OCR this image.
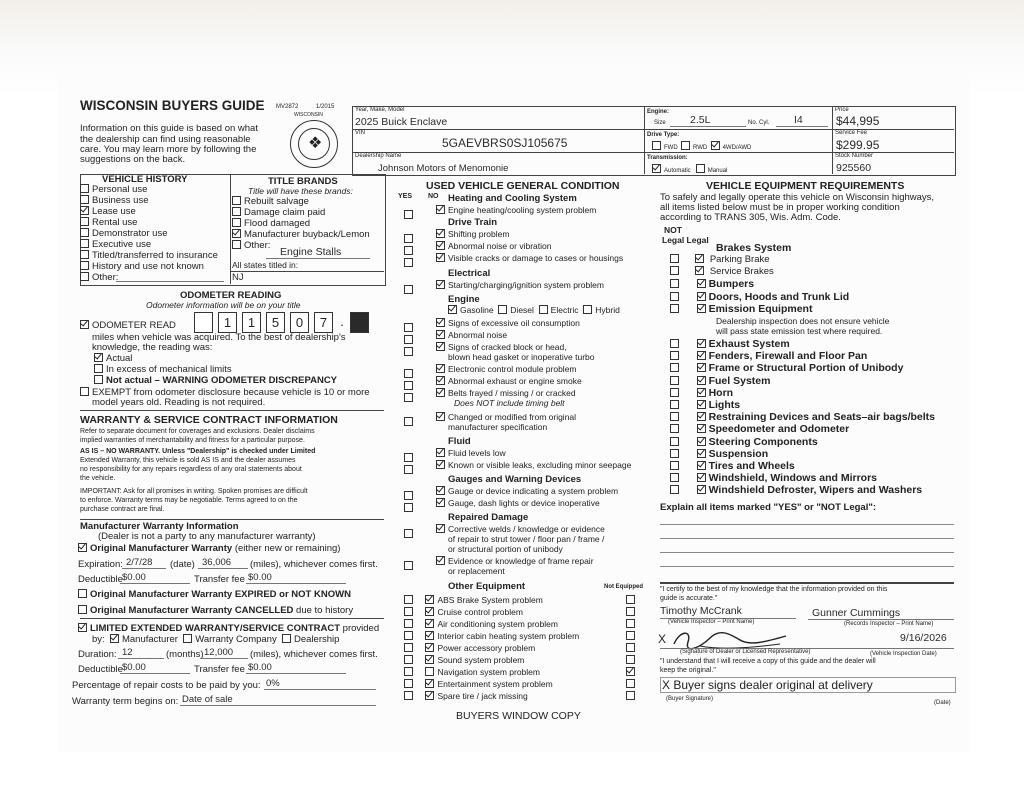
WISCONSIN BUYERS GUIDE MV2872	1/2015
Information on this guide is based on what
the dealership can find using reasonable
care. You may learn more by following the
suggestions on the back.
❖
WISCONSIN
Year, Make, Model
2025 Buick Enclave
VIN
5GAEVBRS0SJ105675
Dealership Name
Johnson Motors of Menomonie
Engine:
Size 2.5L	No. Cyl. I4
Drive Type:
FWD	RWD	4WD/AWD
Transmission:
Automatic	Manual
Price
$44,995
Service Fee
$299.95
Stock Number
925560
VEHICLE HISTORY
Personal use
Business use
Lease use
Rental use
Demonstrator use
Executive use
Titled/transferred to insurance
History and use not known
Other:
TITLE BRANDS
Title will have these brands:
Rebuilt salvage
Damage claim paid
Flood damaged
Manufacturer buyback/Lemon
Other:
Engine Stalls
All states titled in:
NJ
ODOMETER READING
Odometer information will be on your title
ODOMETER READ	1	1	5	0	7	.
miles when vehicle was acquired. To the best of dealership's
knowledge, the reading was:
Actual
In excess of mechanical limits
Not actual – WARNING ODOMETER DISCREPANCY
EXEMPT from odometer disclosure because vehicle is 10 or more
model years old. Reading is not required.
WARRANTY & SERVICE CONTRACT INFORMATION
Refer to separate document for coverages and exclusions. Dealer disclaims
implied warranties of merchantability and fitness for a particular purpose.
AS IS – NO WARRANTY. Unless "Dealership" is checked under Limited
Extended Warranty, this vehicle is sold AS IS and the dealer assumes
no responsibility for any repairs regardless of any oral statements about
the vehicle.
IMPORTANT: Ask for all promises in writing. Spoken promises are difficult
to enforce. Warranty terms may be negotiable. Terms agreed to on the
purchase contract are final.
Manufacturer Warranty Information
(Dealer is not a party to any manufacturer warranty)
Original Manufacturer Warranty (either new or remaining)
Expiration: 2/7/28 (date) 36,006 (miles), whichever comes first.
Deductible $0.00	Transfer fee $0.00
Original Manufacturer Warranty EXPIRED or NOT KNOWN
Original Manufacturer Warranty CANCELLED due to history
LIMITED EXTENDED WARRANTY/SERVICE CONTRACT provided
by: Manufacturer Warranty Company Dealership
Duration: 12	(months) 12,000 (miles), whichever comes first.
Deductible $0.00	Transfer fee $0.00
Percentage of repair costs to be paid by you: 0%
Warranty term begins on: Date of sale
USED VEHICLE GENERAL CONDITION
YES NO Heating and Cooling System
Engine heating/cooling system problem
Drive Train
Shifting problem
Abnormal noise or vibration
Visible cracks or damage to cases or housings
Electrical
Starting/charging/ignition system problem
Engine
Gasoline Diesel Electric Hybrid
Signs of excessive oil consumption
Abnormal noise
Signs of cracked block or head,
blown head gasket or inoperative turbo
Electronic control module problem
Abnormal exhaust or engine smoke
Belts frayed / missing / or cracked
Does NOT include timing belt
Changed or modified from original
manufacturer specification
Fluid
Fluid levels low
Known or visible leaks, excluding minor seepage
Gauges and Warning Devices
Gauge or device indicating a system problem
Gauge, dash lights or device inoperative
Repaired Damage
Corrective welds / knowledge or evidence
of repair to strut tower / floor pan / frame /
or structural portion of unibody
Evidence or knowledge of frame repair
or replacement
Other Equipment	Not Equipped
ABS Brake System problem
Cruise control problem
Air conditioning system problem
Interior cabin heating system problem
Power accessory problem
Sound system problem
Navigation system problem
Entertainment system problem
Spare tire / jack missing
BUYERS WINDOW COPY
VEHICLE EQUIPMENT REQUIREMENTS
To safely and legally operate this vehicle on Wisconsin highways,
all items listed below must be in proper working condition
according to TRANS 305, Wis. Adm. Code.
NOT
Legal Legal
Brakes System
Parking Brake
Service Brakes
Bumpers
Doors, Hoods and Trunk Lid
Emission Equipment
Dealership inspection does not ensure vehicle
will pass state emission test where required.
Exhaust System
Fenders, Firewall and Floor Pan
Frame or Structural Portion of Unibody
Fuel System
Horn
Lights
Restraining Devices and Seats–air bags/belts
Speedometer and Odometer
Steering Components
Suspension
Tires and Wheels
Windshield, Windows and Mirrors
Windshield Defroster, Wipers and Washers
Explain all items marked "YES" or "NOT Legal":
"I certify to the best of my knowledge that the information provided on this
guide is accurate."
Timothy McCrank
(Vehicle Inspector – Print Name)
Gunner Cummings
(Records Inspector – Print Name)
X	9/16/2026
(Signature of Dealer or Licensed Representative)	(Vehicle Inspection Date)
"I understand that I will receive a copy of this guide and the dealer will
keep the original."
X Buyer signs dealer original at delivery
(Buyer Signature)
(Date)
